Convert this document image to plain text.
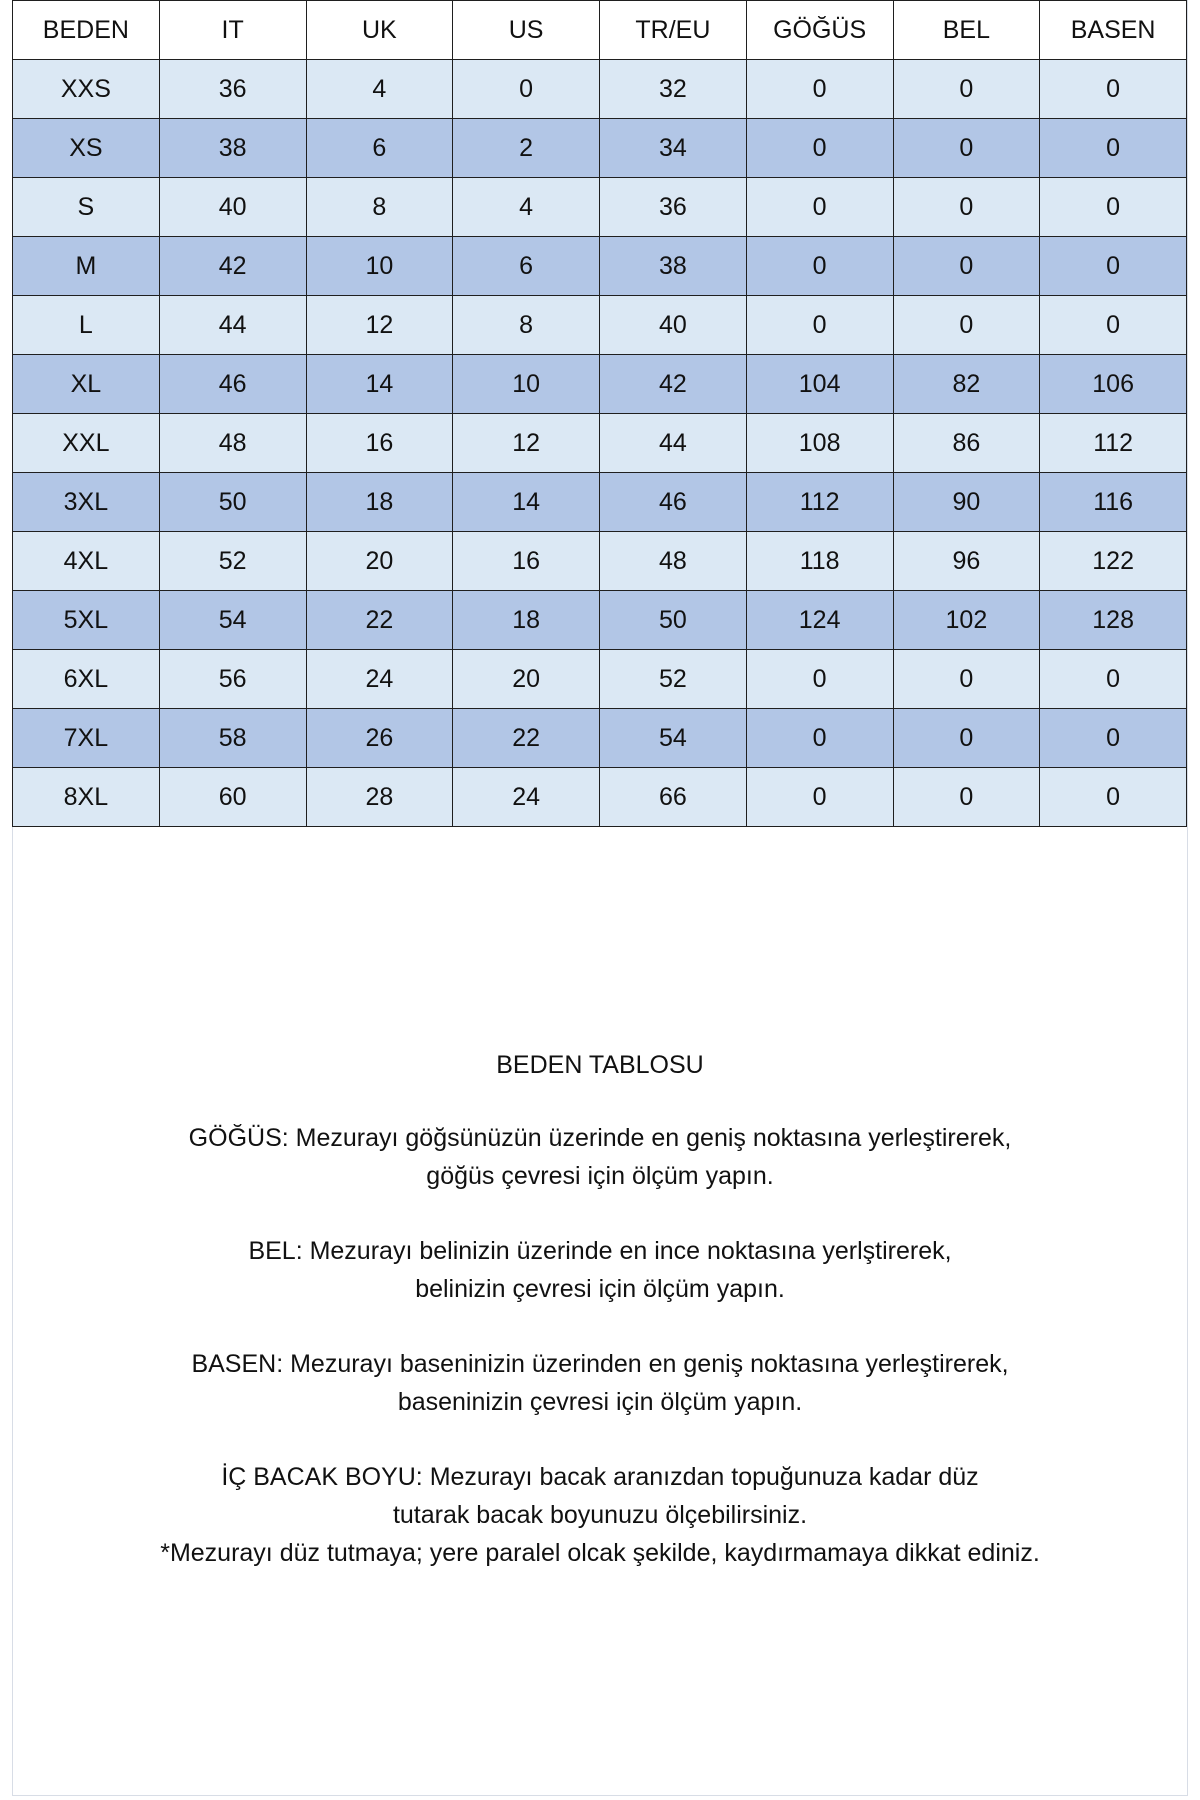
BEDEN	IT	UK	US	TR/EU	GÖĞÜS	BEL	BASEN
XXS	36	4	0	32	0	0	0
XS	38	6	2	34	0	0	0
S	40	8	4	36	0	0	0
M	42	10	6	38	0	0	0
L	44	12	8	40	0	0	0
XL	46	14	10	42	104	82	106
XXL	48	16	12	44	108	86	112
3XL	50	18	14	46	112	90	116
4XL	52	20	16	48	118	96	122
5XL	54	22	18	50	124	102	128
6XL	56	24	20	52	0	0	0
7XL	58	26	22	54	0	0	0
8XL	60	28	24	66	0	0	0

BEDEN TABLOSU

GÖĞÜS: Mezurayı göğsünüzün üzerinde en geniş noktasına yerleştirerek,

göğüs çevresi için ölçüm yapın.

BEL: Mezurayı belinizin üzerinde en ince noktasına yerlştirerek,

belinizin çevresi için ölçüm yapın.

BASEN: Mezurayı baseninizin üzerinden en geniş noktasına yerleştirerek,

baseninizin çevresi için ölçüm yapın.

İÇ BACAK BOYU: Mezurayı bacak aranızdan topuğunuza kadar düz

tutarak bacak boyunuzu ölçebilirsiniz.

*Mezurayı düz tutmaya; yere paralel olcak şekilde, kaydırmamaya dikkat ediniz.
